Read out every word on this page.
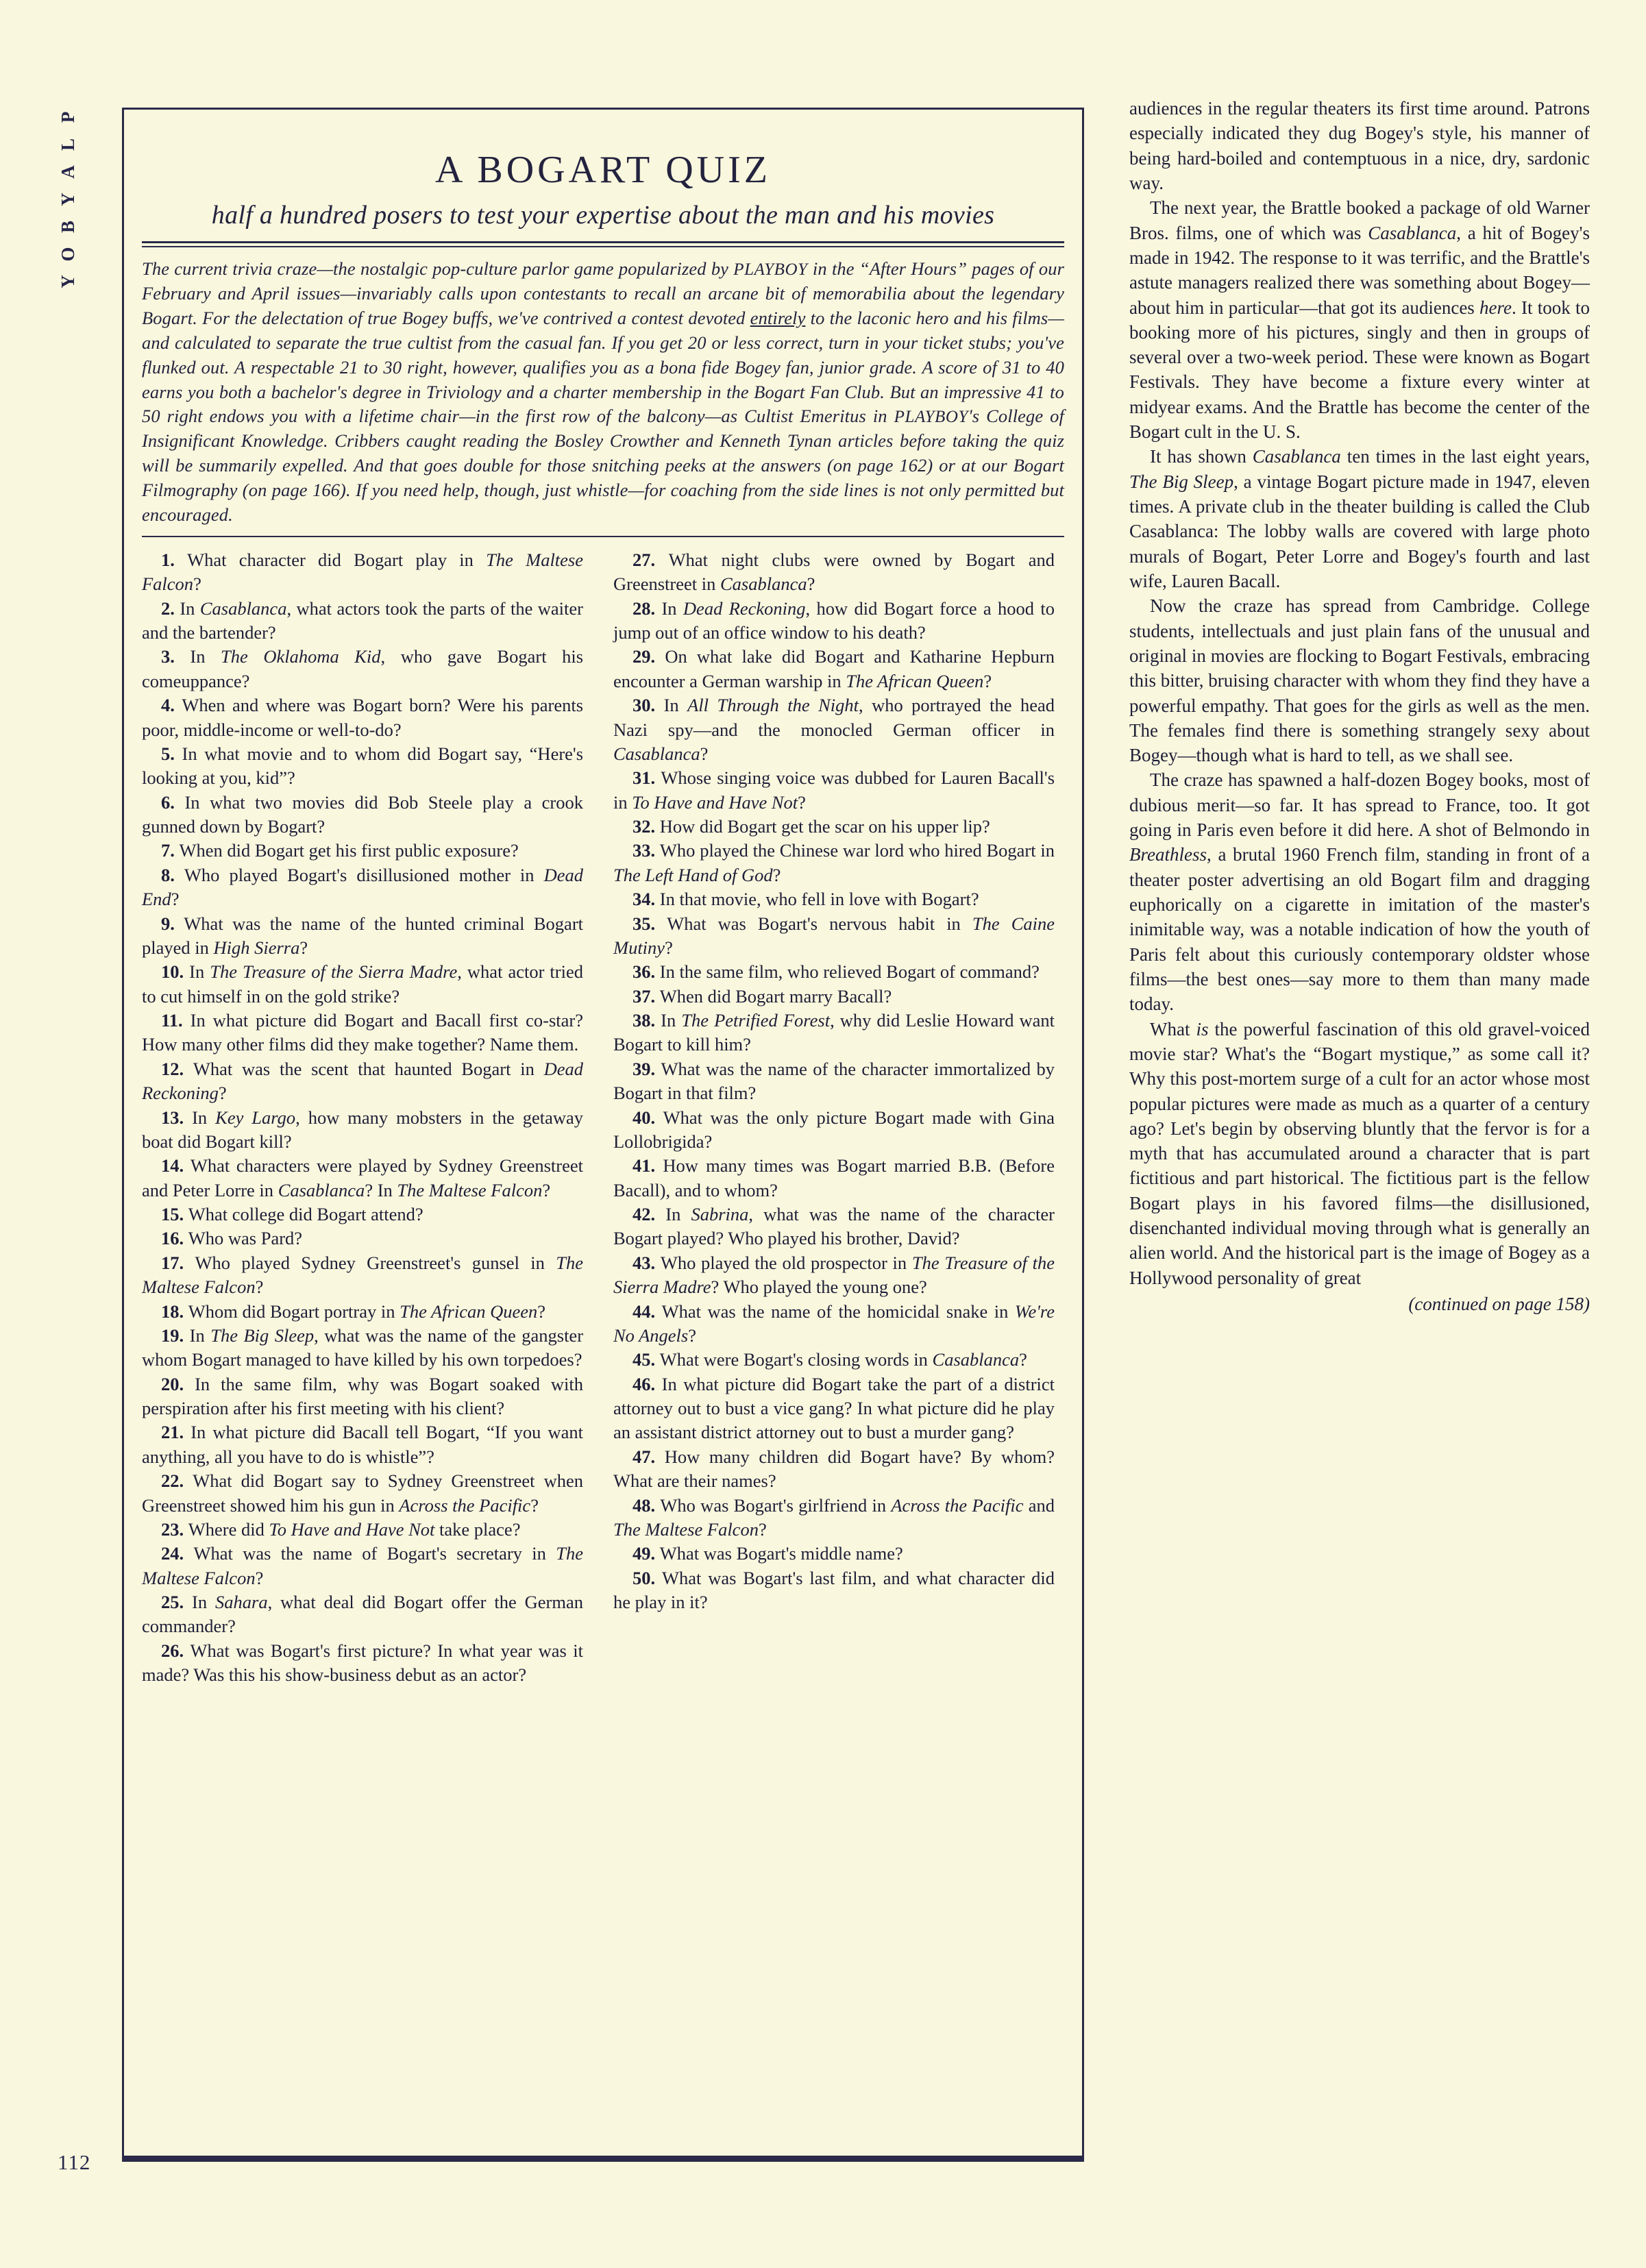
P
L
A
Y
B
O
Y
112
A BOGART QUIZ
half a hundred posers to test your expertise about the man and his movies

The current trivia craze—the nostalgic pop-culture parlor game popularized by PLAYBOY in the “After Hours” pages of our February and April issues—invariably calls upon contestants to recall an arcane bit of memorabilia about the legendary Bogart. For the delectation of true Bogey buffs, we've contrived a contest devoted entirely to the laconic hero and his films—and calculated to separate the true cultist from the casual fan. If you get 20 or less correct, turn in your ticket stubs; you've flunked out. A respectable 21 to 30 right, however, qualifies you as a bona fide Bogey fan, junior grade. A score of 31 to 40 earns you both a bachelor's degree in Triviology and a charter membership in the Bogart Fan Club. But an impressive 41 to 50 right endows you with a lifetime chair—in the first row of the balcony—as Cultist Emeritus in PLAYBOY's College of Insignificant Knowledge. Cribbers caught reading the Bosley Crowther and Kenneth Tynan articles before taking the quiz will be summarily expelled. And that goes double for those snitching peeks at the answers (on page 162) or at our Bogart Filmography (on page 166). If you need help, though, just whistle—for coaching from the side lines is not only permitted but encouraged.

1. What character did Bogart play in The Maltese Falcon?

2. In Casablanca, what actors took the parts of the waiter and the bartender?

3. In The Oklahoma Kid, who gave Bogart his comeuppance?

4. When and where was Bogart born? Were his parents poor, middle-income or well-to-do?

5. In what movie and to whom did Bogart say, “Here's looking at you, kid”?

6. In what two movies did Bob Steele play a crook gunned down by Bogart?

7. When did Bogart get his first public exposure?

8. Who played Bogart's disillusioned mother in Dead End?

9. What was the name of the hunted criminal Bogart played in High Sierra?

10. In The Treasure of the Sierra Madre, what actor tried to cut himself in on the gold strike?

11. In what picture did Bogart and Bacall first co-star? How many other films did they make together? Name them.

12. What was the scent that haunted Bogart in Dead Reckoning?

13. In Key Largo, how many mobsters in the getaway boat did Bogart kill?

14. What characters were played by Sydney Greenstreet and Peter Lorre in Casablanca? In The Maltese Falcon?

15. What college did Bogart attend?

16. Who was Pard?

17. Who played Sydney Greenstreet's gunsel in The Maltese Falcon?

18. Whom did Bogart portray in The African Queen?

19. In The Big Sleep, what was the name of the gangster whom Bogart managed to have killed by his own torpedoes?

20. In the same film, why was Bogart soaked with perspiration after his first meeting with his client?

21. In what picture did Bacall tell Bogart, “If you want anything, all you have to do is whistle”?

22. What did Bogart say to Sydney Greenstreet when Greenstreet showed him his gun in Across the Pacific?

23. Where did To Have and Have Not take place?

24. What was the name of Bogart's secretary in The Maltese Falcon?

25. In Sahara, what deal did Bogart offer the German commander?

26. What was Bogart's first picture? In what year was it made? Was this his show-business debut as an actor?

27. What night clubs were owned by Bogart and Greenstreet in Casablanca?

28. In Dead Reckoning, how did Bogart force a hood to jump out of an office window to his death?

29. On what lake did Bogart and Katharine Hepburn encounter a German warship in The African Queen?

30. In All Through the Night, who portrayed the head Nazi spy—and the monocled German officer in Casablanca?

31. Whose singing voice was dubbed for Lauren Bacall's in To Have and Have Not?

32. How did Bogart get the scar on his upper lip?

33. Who played the Chinese war lord who hired Bogart in The Left Hand of God?

34. In that movie, who fell in love with Bogart?

35. What was Bogart's nervous habit in The Caine Mutiny?

36. In the same film, who relieved Bogart of command?

37. When did Bogart marry Bacall?

38. In The Petrified Forest, why did Leslie Howard want Bogart to kill him?

39. What was the name of the character immortalized by Bogart in that film?

40. What was the only picture Bogart made with Gina Lollobrigida?

41. How many times was Bogart married B.B. (Before Bacall), and to whom?

42. In Sabrina, what was the name of the character Bogart played? Who played his brother, David?

43. Who played the old prospector in The Treasure of the Sierra Madre? Who played the young one?

44. What was the name of the homicidal snake in We're No Angels?

45. What were Bogart's closing words in Casablanca?

46. In what picture did Bogart take the part of a district attorney out to bust a vice gang? In what picture did he play an assistant district attorney out to bust a murder gang?

47. How many children did Bogart have? By whom? What are their names?

48. Who was Bogart's girlfriend in Across the Pacific and The Maltese Falcon?

49. What was Bogart's middle name?

50. What was Bogart's last film, and what character did he play in it?

audiences in the regular theaters its first time around. Patrons especially indicated they dug Bogey's style, his manner of being hard-boiled and contemptuous in a nice, dry, sardonic way.

The next year, the Brattle booked a package of old Warner Bros. films, one of which was Casablanca, a hit of Bogey's made in 1942. The response to it was terrific, and the Brattle's astute managers realized there was something about Bogey—about him in particular—that got its audiences here. It took to booking more of his pictures, singly and then in groups of several over a two-week period. These were known as Bogart Festivals. They have become a fixture every winter at midyear exams. And the Brattle has become the center of the Bogart cult in the U. S.

It has shown Casablanca ten times in the last eight years, The Big Sleep, a vintage Bogart picture made in 1947, eleven times. A private club in the theater building is called the Club Casablanca: The lobby walls are covered with large photo murals of Bogart, Peter Lorre and Bogey's fourth and last wife, Lauren Bacall.

Now the craze has spread from Cambridge. College students, intellectuals and just plain fans of the unusual and original in movies are flocking to Bogart Festivals, embracing this bitter, bruising character with whom they find they have a powerful empathy. That goes for the girls as well as the men. The females find there is something strangely sexy about Bogey—though what is hard to tell, as we shall see.

The craze has spawned a half-dozen Bogey books, most of dubious merit—so far. It has spread to France, too. It got going in Paris even before it did here. A shot of Belmondo in Breathless, a brutal 1960 French film, standing in front of a theater poster advertising an old Bogart film and dragging euphorically on a cigarette in imitation of the master's inimitable way, was a notable indication of how the youth of Paris felt about this curiously contemporary oldster whose films—the best ones—say more to them than many made today.

What is the powerful fascination of this old gravel-voiced movie star? What's the “Bogart mystique,” as some call it? Why this post-mortem surge of a cult for an actor whose most popular pictures were made as much as a quarter of a century ago? Let's begin by observing bluntly that the fervor is for a myth that has accumulated around a character that is part fictitious and part historical. The fictitious part is the fellow Bogart plays in his favored films—the disillusioned, disenchanted individual moving through what is generally an alien world. And the historical part is the image of Bogey as a Hollywood personality of great

(continued on page 158)
